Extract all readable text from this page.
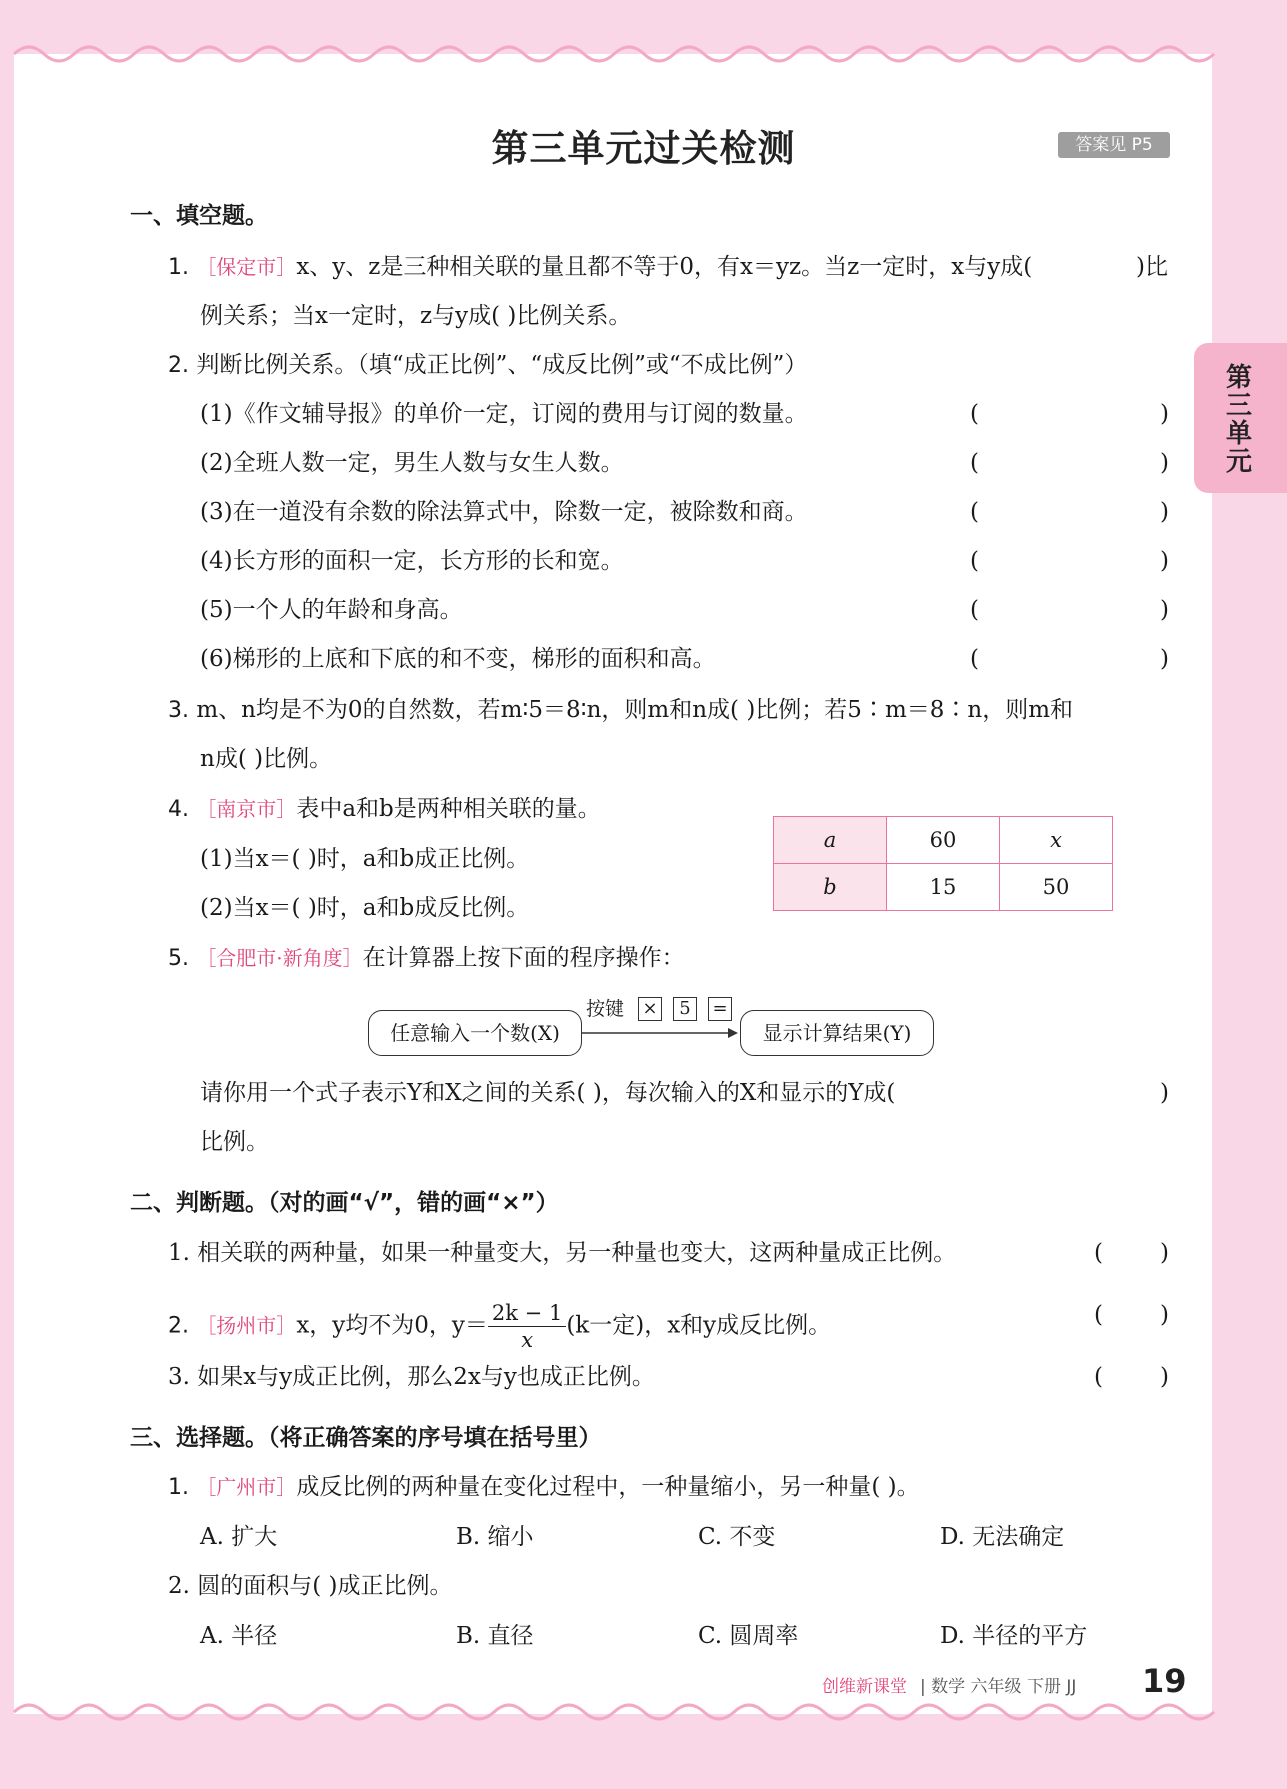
第三单元
第三单元过关检测	答案见 P5
一、填空题。
1. ［保定市］x、y、z是三种相关联的量且都不等于0，有x＝yz。当z一定时，x与y成(	)比
例关系；当x一定时，z与y成( )比例关系。
2. 判断比例关系。（填“成正比例”、“成反比例”或“不成比例”）
(1)《作文辅导报》的单价一定，订阅的费用与订阅的数量。	(	)
(2)全班人数一定，男生人数与女生人数。	(	)
(3)在一道没有余数的除法算式中，除数一定，被除数和商。	(	)
(4)长方形的面积一定，长方形的长和宽。	(	)
(5)一个人的年龄和身高。	(	)
(6)梯形的上底和下底的和不变，梯形的面积和高。	(	)
3. m、n均是不为0的自然数，若m∶5＝8∶n，则m和n成( )比例；若5∶m＝8∶n，则m和
n成( )比例。
4. ［南京市］表中a和b是两种相关联的量。
(1)当x＝( )时，a和b成正比例。
(2)当x＝( )时，a和b成反比例。
a	60	x
b	15	50
5. ［合肥市·新角度］在计算器上按下面的程序操作：
任意输入一个数(X)
按键 ×	5	=
显示计算结果(Y)
请你用一个式子表示Y和X之间的关系( )，每次输入的X和显示的Y成(	)
比例。
二、判断题。（对的画“√”，错的画“×”）
1. 相关联的两种量，如果一种量变大，另一种量也变大，这两种量成正比例。	( )
2. ［扬州市］x，y均不为0，$y= \frac{2k - 1}{x} (k$一定)，x和y成反比例。	( )
3. 如果x与y成正比例，那么2x与y也成正比例。	( )
三、选择题。（将正确答案的序号填在括号里）
1. ［广州市］成反比例的两种量在变化过程中，一种量缩小，另一种量( )。
A. 扩大	B. 缩小	C. 不变	D. 无法确定
2. 圆的面积与( )成正比例。
A. 半径	B. 直径	C. 圆周率	D. 半径的平方
创维新课堂 | 数学 六年级 下册 JJ 19
